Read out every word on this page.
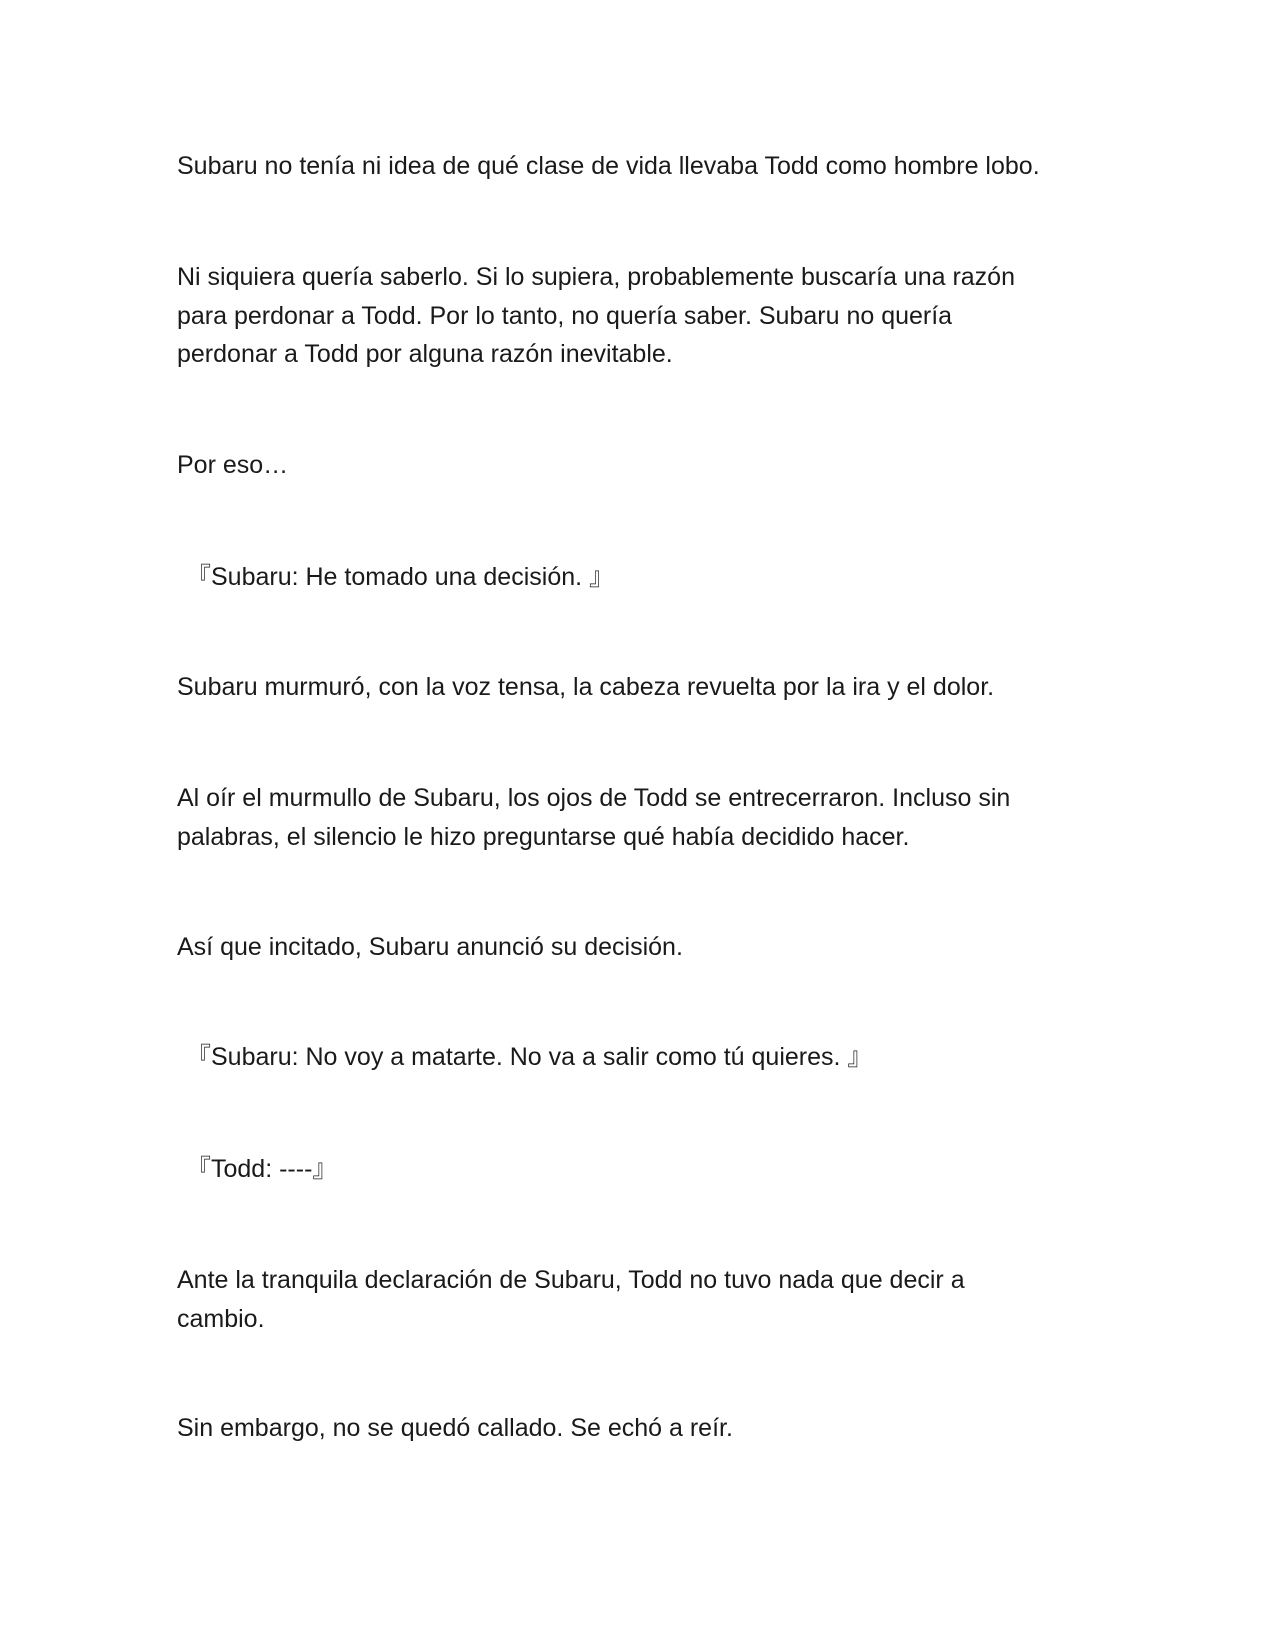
Subaru no tenía ni idea de qué clase de vida llevaba Todd como hombre lobo.

Ni siquiera quería saberlo. Si lo supiera, probablemente buscaría una razón
para perdonar a Todd. Por lo tanto, no quería saber. Subaru no quería
perdonar a Todd por alguna razón inevitable.

Por eso…

『Subaru: He tomado una decisión. 』

Subaru murmuró, con la voz tensa, la cabeza revuelta por la ira y el dolor.

Al oír el murmullo de Subaru, los ojos de Todd se entrecerraron. Incluso sin
palabras, el silencio le hizo preguntarse qué había decidido hacer.

Así que incitado, Subaru anunció su decisión.

『Subaru: No voy a matarte. No va a salir como tú quieres. 』

『Todd: ----』

Ante la tranquila declaración de Subaru, Todd no tuvo nada que decir a
cambio.

Sin embargo, no se quedó callado. Se echó a reír.
